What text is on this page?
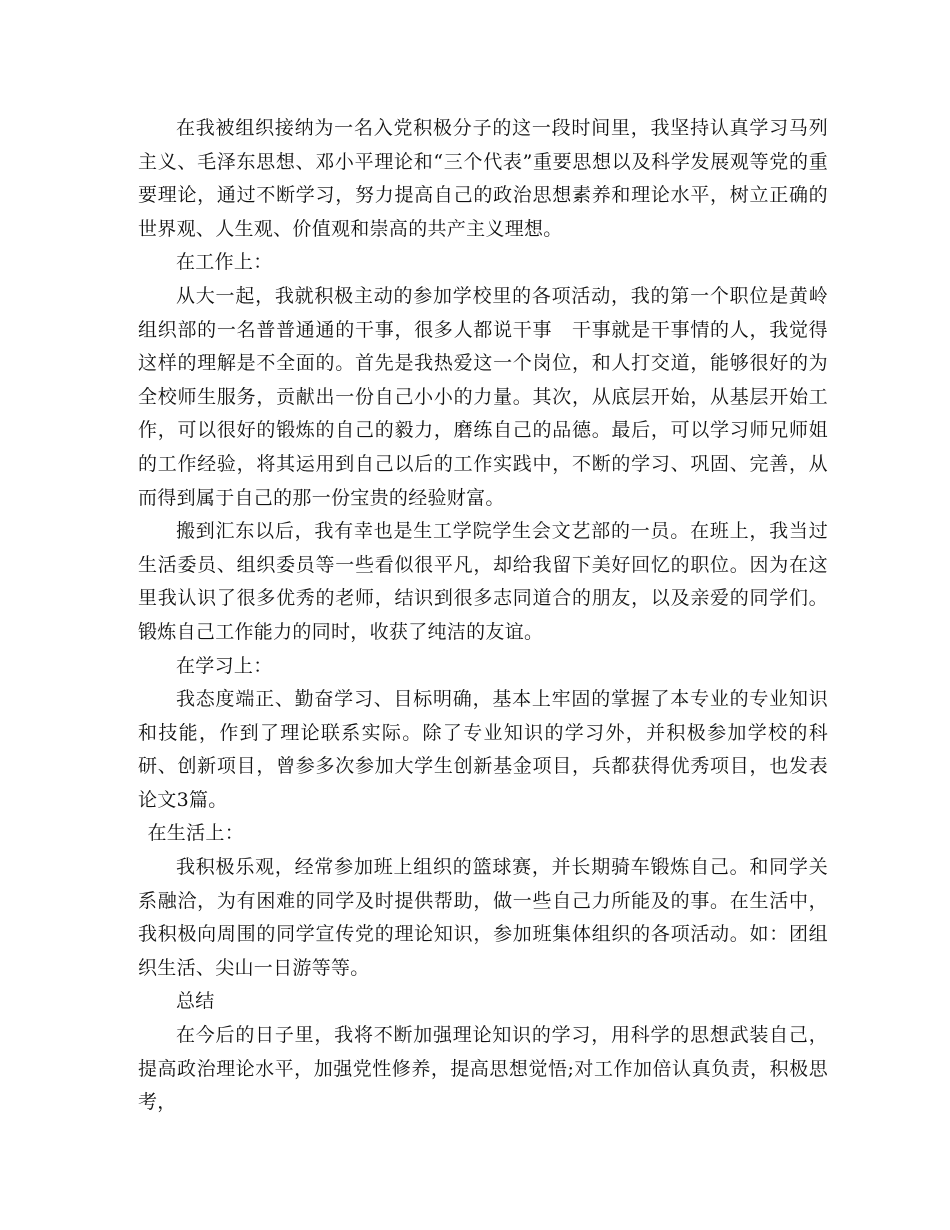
在我被组织接纳为一名入党积极分子的这一段时间里，我坚持认真学习马列主义、毛泽东思想、邓小平理论和“三个代表”重要思想以及科学发展观等党的重要理论，通过不断学习，努力提高自己的政治思想素养和理论水平，树立正确的世界观、人生观、价值观和崇高的共产主义理想。

在工作上：

从大一起，我就积极主动的参加学校里的各项活动，我的第一个职位是黄岭组织部的一名普普通通的干事，很多人都说干事　干事就是干事情的人，我觉得这样的理解是不全面的。首先是我热爱这一个岗位，和人打交道，能够很好的为全校师生服务，贡献出一份自己小小的力量。其次，从底层开始，从基层开始工作，可以很好的锻炼的自己的毅力，磨练自己的品德。最后，可以学习师兄师姐的工作经验，将其运用到自己以后的工作实践中，不断的学习、巩固、完善，从而得到属于自己的那一份宝贵的经验财富。

搬到汇东以后，我有幸也是生工学院学生会文艺部的一员。在班上，我当过生活委员、组织委员等一些看似很平凡，却给我留下美好回忆的职位。因为在这里我认识了很多优秀的老师，结识到很多志同道合的朋友，以及亲爱的同学们。锻炼自己工作能力的同时，收获了纯洁的友谊。

在学习上：

我态度端正、勤奋学习、目标明确，基本上牢固的掌握了本专业的专业知识和技能，作到了理论联系实际。除了专业知识的学习外，并积极参加学校的科研、创新项目，曾参多次参加大学生创新基金项目，兵都获得优秀项目，也发表论文3篇。

在生活上：

我积极乐观，经常参加班上组织的篮球赛，并长期骑车锻炼自己。和同学关系融洽，为有困难的同学及时提供帮助，做一些自己力所能及的事。在生活中，我积极向周围的同学宣传党的理论知识，参加班集体组织的各项活动。如：团组织生活、尖山一日游等等。

总结

在今后的日子里，我将不断加强理论知识的学习，用科学的思想武装自己，提高政治理论水平，加强党性修养，提高思想觉悟;对工作加倍认真负责，积极思考，
